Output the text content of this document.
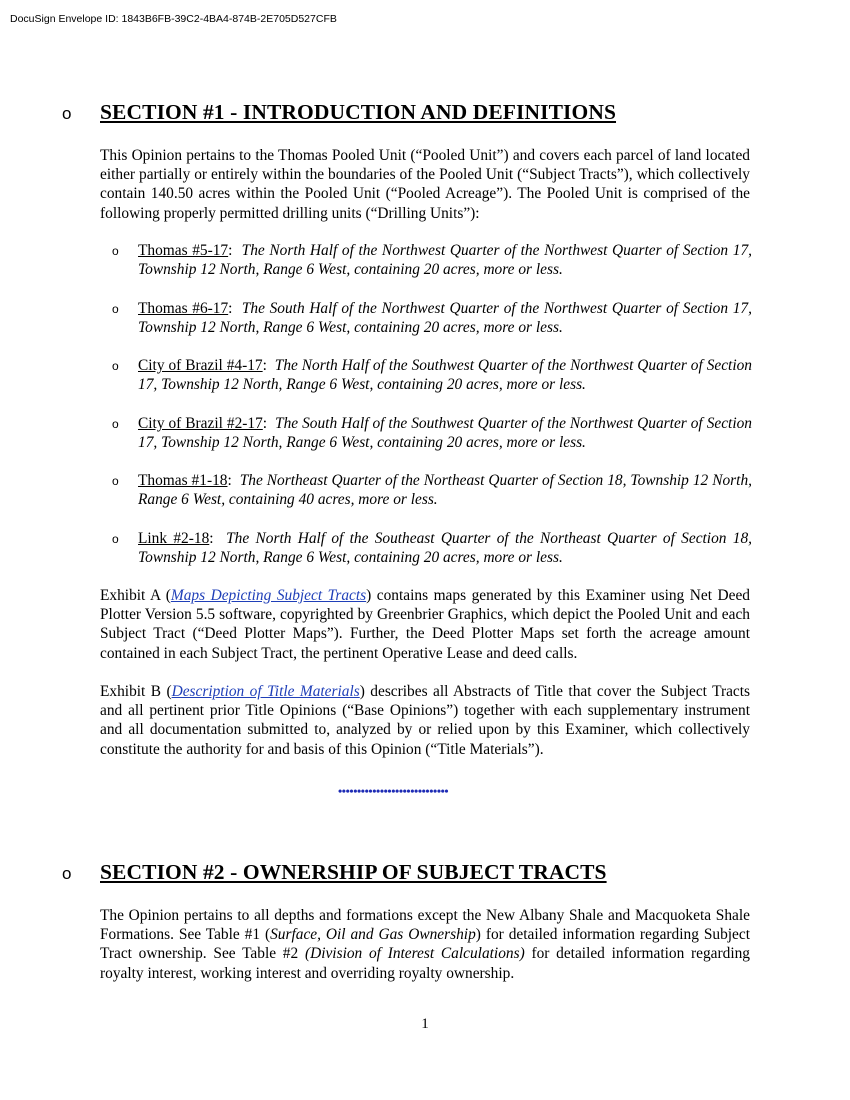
DocuSign Envelope ID: 1843B6FB-39C2-4BA4-874B-2E705D527CFB
o	SECTION #1 - INTRODUCTION AND DEFINITIONS
This Opinion pertains to the Thomas Pooled Unit (“Pooled Unit”) and covers each parcel of land located either partially or entirely within the boundaries of the Pooled Unit (“Subject Tracts”), which collectively contain 140.50 acres within the Pooled Unit (“Pooled Acreage”). The Pooled Unit is comprised of the following properly permitted drilling units (“Drilling Units”):
o	Thomas #5-17:  The North Half of the Northwest Quarter of the Northwest Quarter of Section 17, Township 12 North, Range 6 West, containing 20 acres, more or less.
o	Thomas #6-17:  The South Half of the Northwest Quarter of the Northwest Quarter of Section 17, Township 12 North, Range 6 West, containing 20 acres, more or less.
o	City of Brazil #4-17:  The North Half of the Southwest Quarter of the Northwest Quarter of Section 17, Township 12 North, Range 6 West, containing 20 acres, more or less.
o	City of Brazil #2-17:  The South Half of the Southwest Quarter of the Northwest Quarter of Section 17, Township 12 North, Range 6 West, containing 20 acres, more or less.
o	Thomas #1-18:  The Northeast Quarter of the Northeast Quarter of Section 18, Township 12 North, Range 6 West, containing 40 acres, more or less.
o	Link #2-18:  The North Half of the Southeast Quarter of the Northeast Quarter of Section 18, Township 12 North, Range 6 West, containing 20 acres, more or less.
Exhibit A (Maps Depicting Subject Tracts) contains maps generated by this Examiner using Net Deed Plotter Version 5.5 software, copyrighted by Greenbrier Graphics, which depict the Pooled Unit and each Subject Tract (“Deed Plotter Maps”). Further, the Deed Plotter Maps set forth the acreage amount contained in each Subject Tract, the pertinent Operative Lease and deed calls.
Exhibit B (Description of Title Materials) describes all Abstracts of Title that cover the Subject Tracts and all pertinent prior Title Opinions (“Base Opinions”) together with each supplementary instrument and all documentation submitted to, analyzed by or relied upon by this Examiner, which collectively constitute the authority for and basis of this Opinion (“Title Materials”).
•••••••••••••••••••••••••••••
o	SECTION #2 - OWNERSHIP OF SUBJECT TRACTS
The Opinion pertains to all depths and formations except the New Albany Shale and Macquoketa Shale Formations. See Table #1 (Surface, Oil and Gas Ownership) for detailed information regarding Subject Tract ownership. See Table #2 (Division of Interest Calculations) for detailed information regarding royalty interest, working interest and overriding royalty ownership.
1
